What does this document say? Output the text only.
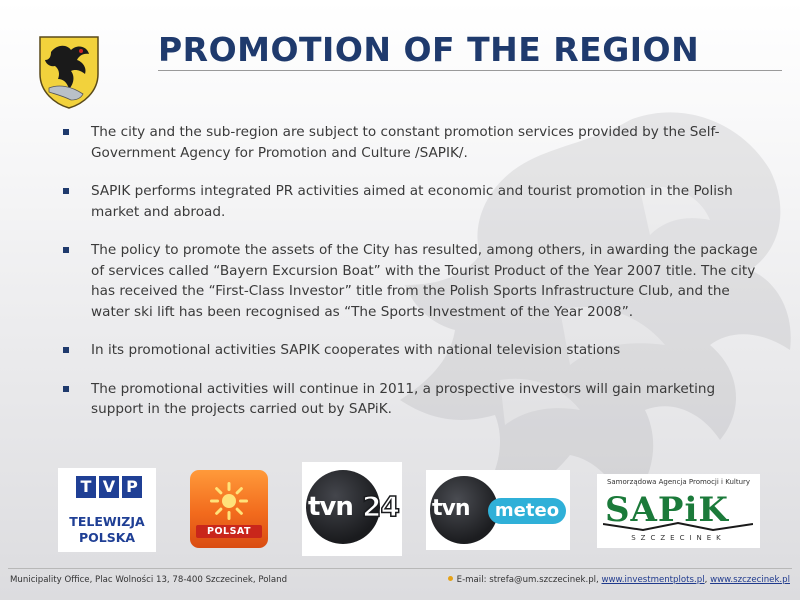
PROMOTION OF THE REGION
The city and the sub-region are subject to constant promotion services provided by the Self-Government Agency for Promotion and Culture /SAPIK/.
SAPIK performs integrated PR activities aimed at economic and tourist promotion in the Polish market and abroad.
The policy to promote the assets of the City has resulted, among others, in awarding the package of services called “Bayern Excursion Boat” with the Tourist Product of the Year 2007 title. The city has received the “First-Class Investor” title from the Polish Sports Infrastructure Club, and the water ski lift has been recognised as “The Sports Investment of the Year 2008”.
In its promotional activities SAPIK cooperates with national television stations
The promotional activities will continue in 2011, a prospective investors will gain marketing support in the projects carried out by SAPiK.
T V P
TELEWIZJA
POLSKA	POLSAT
tvn 24 tvn	meteo
Samorządowa Agencja Promocji i Kultury
SAPiK
SZCZECINEK
Municipality Office, Plac Wolności 13, 78-400 Szczecinek, Poland	E-mail: strefa@um.szczecinek.pl, www.investmentplots.pl, www.szczecinek.pl
